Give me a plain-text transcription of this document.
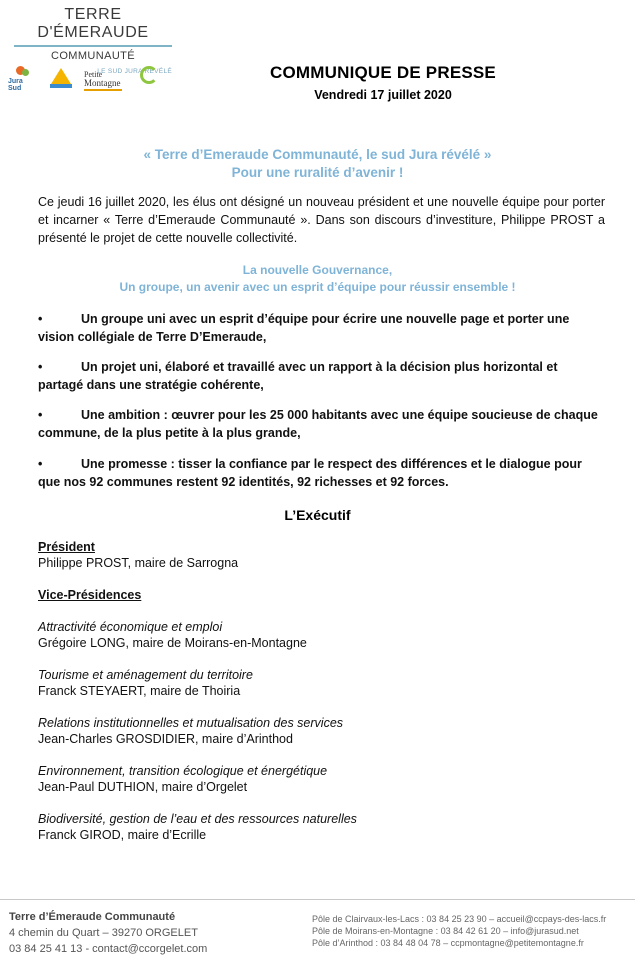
TERRE D'ÉMERAUDE
COMMUNAUTÉ
LE SUD JURA RÉVÉLÉ
Jura Sud
Petite
Montagne
COMMUNIQUE DE PRESSE
Vendredi 17 juillet 2020
« Terre d’Emeraude Communauté, le sud Jura révélé »
Pour une ruralité d’avenir !
Ce jeudi 16 juillet 2020, les élus ont désigné un nouveau président et une nouvelle équipe pour porter et incarner « Terre d’Emeraude Communauté ». Dans son discours d’investiture, Philippe PROST a présenté le projet de cette nouvelle collectivité.
La nouvelle Gouvernance,
Un groupe, un avenir avec un esprit d’équipe pour réussir ensemble !
•	Un groupe uni avec un esprit d’équipe pour écrire une nouvelle page et porter une vision collégiale de Terre D’Emeraude,
•	Un projet uni, élaboré et travaillé avec un rapport à la décision plus horizontal et partagé dans une stratégie cohérente,
•	Une ambition : œuvrer pour les 25 000 habitants avec une équipe soucieuse de chaque commune, de la plus petite à la plus grande,
•	Une promesse : tisser la confiance par le respect des différences et le dialogue pour que nos 92 communes restent 92 identités, 92 richesses et 92 forces.
L’Exécutif
Président
Philippe PROST, maire de Sarrogna
Vice-Présidences
Attractivité économique et emploi
Grégoire LONG, maire de Moirans-en-Montagne
Tourisme et aménagement du territoire
Franck STEYAERT, maire de Thoiria
Relations institutionnelles et mutualisation des services
Jean-Charles GROSDIDIER, maire d’Arinthod
Environnement, transition écologique et énergétique
Jean-Paul DUTHION, maire d’Orgelet
Biodiversité, gestion de l’eau et des ressources naturelles
Franck GIROD, maire d’Ecrille
Terre d’Émeraude Communauté
4 chemin du Quart – 39270 ORGELET
03 84 25 41 13 - contact@ccorgelet.com
Pôle de Clairvaux-les-Lacs : 03 84 25 23 90 – accueil@ccpays-des-lacs.fr
Pôle de Moirans-en-Montagne : 03 84 42 61 20 – info@jurasud.net
Pôle d’Arinthod : 03 84 48 04 78 – ccpmontagne@petitemontagne.fr
